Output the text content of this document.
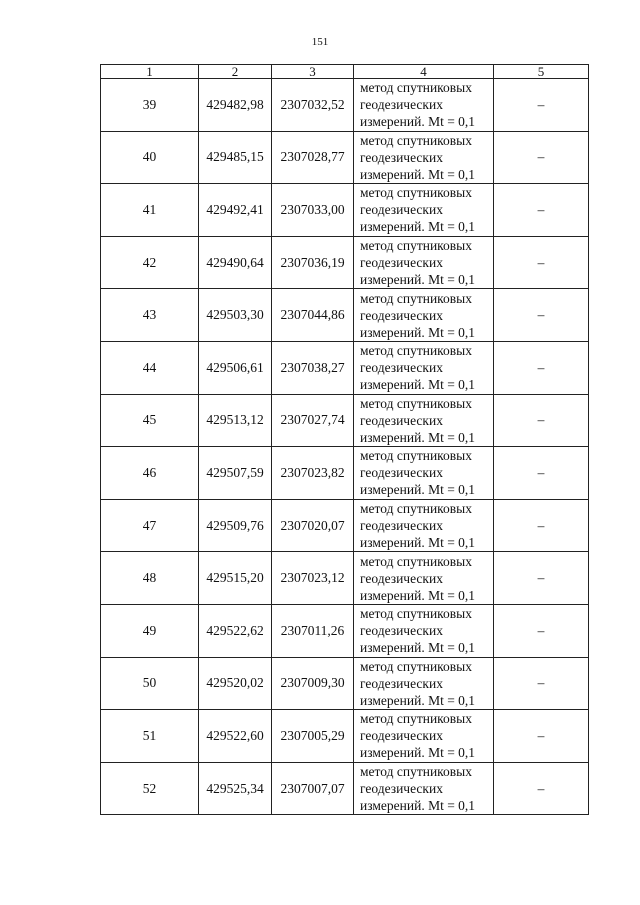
151
1	2	3	4	5
39	429482,98	2307032,52	метод спутниковых
геодезических
измерений. Mt = 0,1	–
40	429485,15	2307028,77	метод спутниковых
геодезических
измерений. Mt = 0,1	–
41	429492,41	2307033,00	метод спутниковых
геодезических
измерений. Mt = 0,1	–
42	429490,64	2307036,19	метод спутниковых
геодезических
измерений. Mt = 0,1	–
43	429503,30	2307044,86	метод спутниковых
геодезических
измерений. Mt = 0,1	–
44	429506,61	2307038,27	метод спутниковых
геодезических
измерений. Mt = 0,1	–
45	429513,12	2307027,74	метод спутниковых
геодезических
измерений. Mt = 0,1	–
46	429507,59	2307023,82	метод спутниковых
геодезических
измерений. Mt = 0,1	–
47	429509,76	2307020,07	метод спутниковых
геодезических
измерений. Mt = 0,1	–
48	429515,20	2307023,12	метод спутниковых
геодезических
измерений. Mt = 0,1	–
49	429522,62	2307011,26	метод спутниковых
геодезических
измерений. Mt = 0,1	–
50	429520,02	2307009,30	метод спутниковых
геодезических
измерений. Mt = 0,1	–
51	429522,60	2307005,29	метод спутниковых
геодезических
измерений. Mt = 0,1	–
52	429525,34	2307007,07	метод спутниковых
геодезических
измерений. Mt = 0,1	–
